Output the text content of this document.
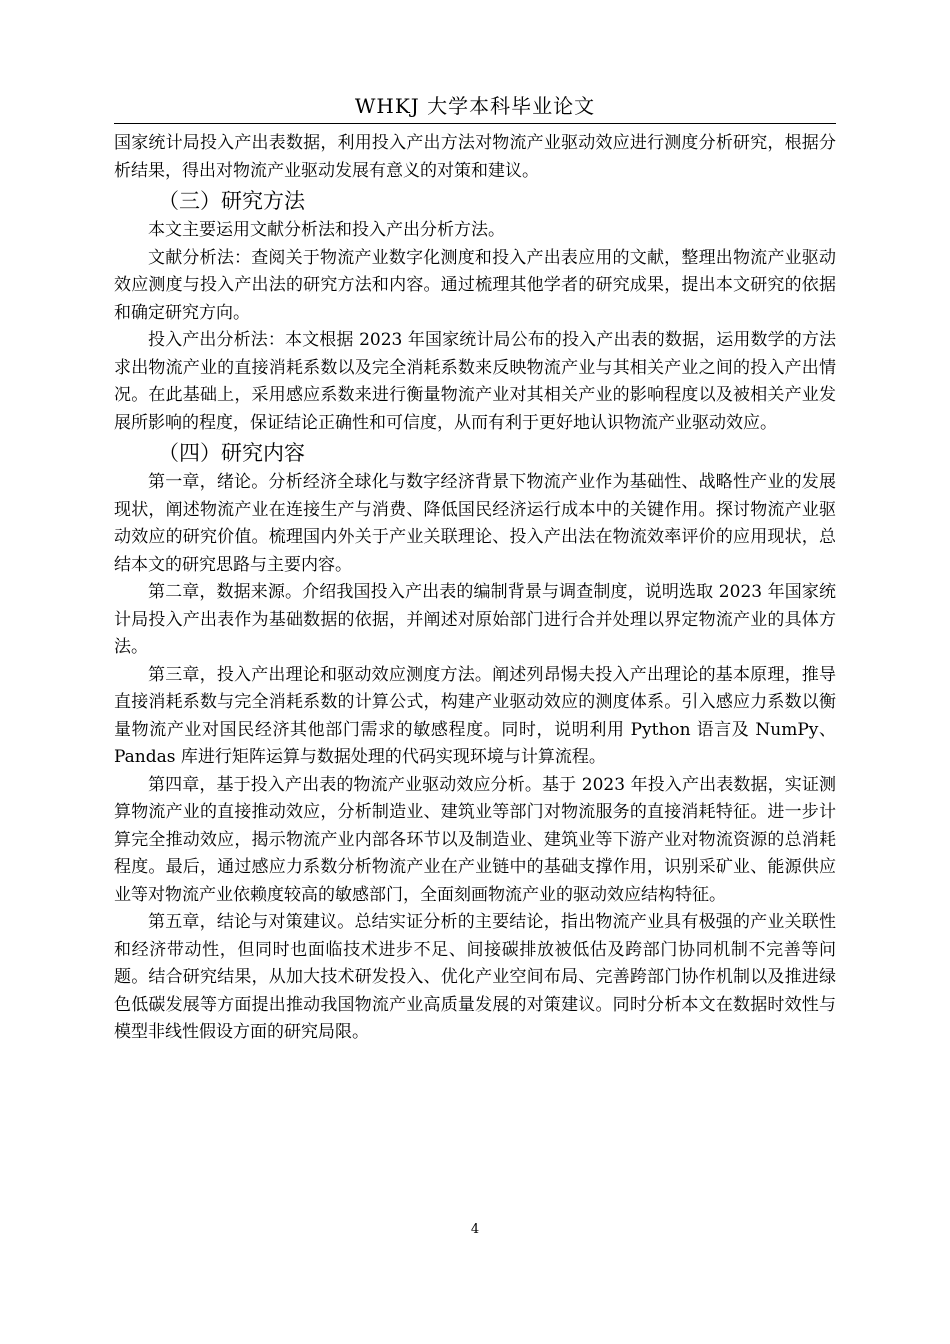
WHKJ 大学本科毕业论文

国家统计局投入产出表数据，利用投入产出方法对物流产业驱动效应进行测度分析研究，根据分析结果，得出对物流产业驱动发展有意义的对策和建议。

（三）研究方法

本文主要运用文献分析法和投入产出分析方法。

文献分析法：查阅关于物流产业数字化测度和投入产出表应用的文献，整理出物流产业驱动效应测度与投入产出法的研究方法和内容。通过梳理其他学者的研究成果，提出本文研究的依据和确定研究方向。

投入产出分析法：本文根据 2023 年国家统计局公布的投入产出表的数据，运用数学的方法求出物流产业的直接消耗系数以及完全消耗系数来反映物流产业与其相关产业之间的投入产出情况。在此基础上，采用感应系数来进行衡量物流产业对其相关产业的影响程度以及被相关产业发展所影响的程度，保证结论正确性和可信度，从而有利于更好地认识物流产业驱动效应。

（四）研究内容

第一章，绪论。分析经济全球化与数字经济背景下物流产业作为基础性、战略性产业的发展现状，阐述物流产业在连接生产与消费、降低国民经济运行成本中的关键作用。探讨物流产业驱动效应的研究价值。梳理国内外关于产业关联理论、投入产出法在物流效率评价的应用现状，总结本文的研究思路与主要内容。

第二章，数据来源。介绍我国投入产出表的编制背景与调查制度，说明选取 2023 年国家统计局投入产出表作为基础数据的依据，并阐述对原始部门进行合并处理以界定物流产业的具体方法。

第三章，投入产出理论和驱动效应测度方法。阐述列昂惕夫投入产出理论的基本原理，推导直接消耗系数与完全消耗系数的计算公式，构建产业驱动效应的测度体系。引入感应力系数以衡量物流产业对国民经济其他部门需求的敏感程度。同时，说明利用 Python 语言及 NumPy、Pandas 库进行矩阵运算与数据处理的代码实现环境与计算流程。

第四章，基于投入产出表的物流产业驱动效应分析。基于 2023 年投入产出表数据，实证测算物流产业的直接推动效应，分析制造业、建筑业等部门对物流服务的直接消耗特征。进一步计算完全推动效应，揭示物流产业内部各环节以及制造业、建筑业等下游产业对物流资源的总消耗程度。最后，通过感应力系数分析物流产业在产业链中的基础支撑作用，识别采矿业、能源供应业等对物流产业依赖度较高的敏感部门，全面刻画物流产业的驱动效应结构特征。

第五章，结论与对策建议。总结实证分析的主要结论，指出物流产业具有极强的产业关联性和经济带动性，但同时也面临技术进步不足、间接碳排放被低估及跨部门协同机制不完善等问题。结合研究结果，从加大技术研发投入、优化产业空间布局、完善跨部门协作机制以及推进绿色低碳发展等方面提出推动我国物流产业高质量发展的对策建议。同时分析本文在数据时效性与模型非线性假设方面的研究局限。

4
